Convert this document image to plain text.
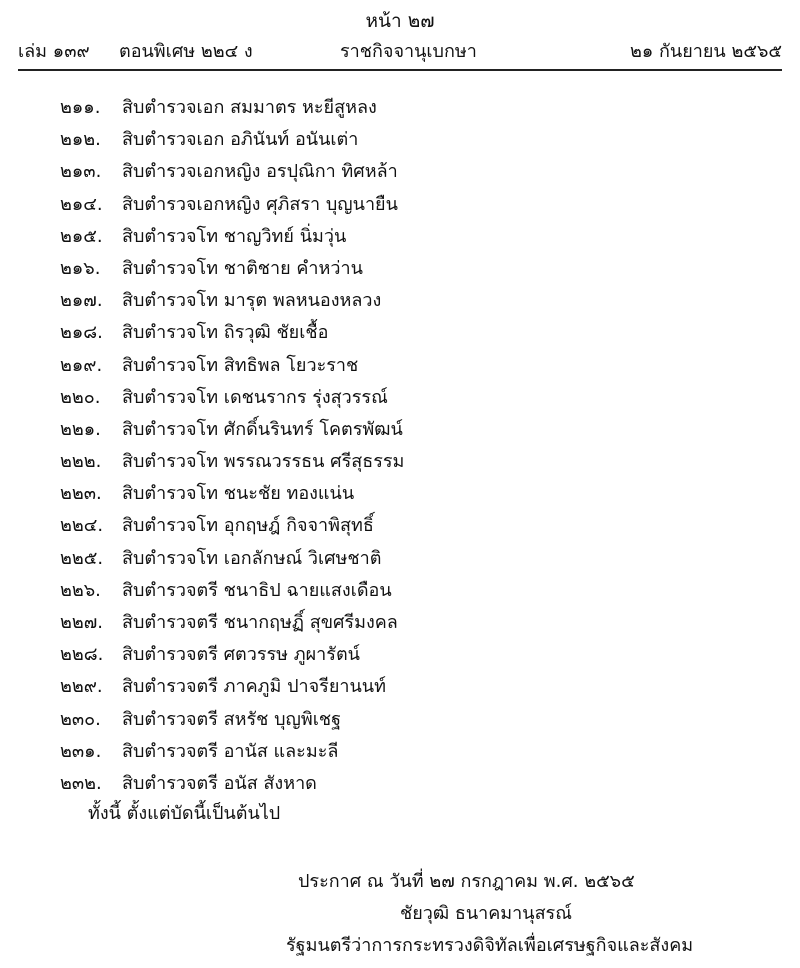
หน้า ๒๗
เล่ม ๑๓๙ ตอนพิเศษ ๒๒๔ ง	ราชกิจจานุเบกษา	๒๑ กันยายน ๒๕๖๕
๒๑๑. สิบตำรวจเอก สมมาตร หะยีสูหลง
๒๑๒. สิบตำรวจเอก อภินันท์ อนันเต่า
๒๑๓. สิบตำรวจเอกหญิง อรปุณิกา ทิศหล้า
๒๑๔. สิบตำรวจเอกหญิง ศุภิสรา บุญนายืน
๒๑๕. สิบตำรวจโท ชาญวิทย์ นิ่มวุ่น
๒๑๖. สิบตำรวจโท ชาติชาย คำหว่าน
๒๑๗. สิบตำรวจโท มารุต พลหนองหลวง
๒๑๘. สิบตำรวจโท ถิรวุฒิ ชัยเชื้อ
๒๑๙. สิบตำรวจโท สิทธิพล โยวะราช
๒๒๐. สิบตำรวจโท เดชนรากร รุ่งสุวรรณ์
๒๒๑. สิบตำรวจโท ศักดิ์นรินทร์ โคตรพัฒน์
๒๒๒. สิบตำรวจโท พรรณวรรธน ศรีสุธรรม
๒๒๓. สิบตำรวจโท ชนะชัย ทองแน่น
๒๒๔. สิบตำรวจโท อุกฤษฎ์ กิจจาพิสุทธิ์
๒๒๕. สิบตำรวจโท เอกลักษณ์ วิเศษชาติ
๒๒๖. สิบตำรวจตรี ชนาธิป ฉายแสงเดือน
๒๒๗. สิบตำรวจตรี ชนากฤษฏิ์ สุขศรีมงคล
๒๒๘. สิบตำรวจตรี ศตวรรษ ภูผารัตน์
๒๒๙. สิบตำรวจตรี ภาคภูมิ ปาจรียานนท์
๒๓๐. สิบตำรวจตรี สหรัช บุญพิเชฐ
๒๓๑. สิบตำรวจตรี อานัส และมะลี
๒๓๒. สิบตำรวจตรี อนัส สังหาด
ทั้งนี้ ตั้งแต่บัดนี้เป็นต้นไป
ประกาศ ณ วันที่ ๒๗ กรกฎาคม พ.ศ. ๒๕๖๕
ชัยวุฒิ ธนาคมานุสรณ์
รัฐมนตรีว่าการกระทรวงดิจิทัลเพื่อเศรษฐกิจและสังคม
